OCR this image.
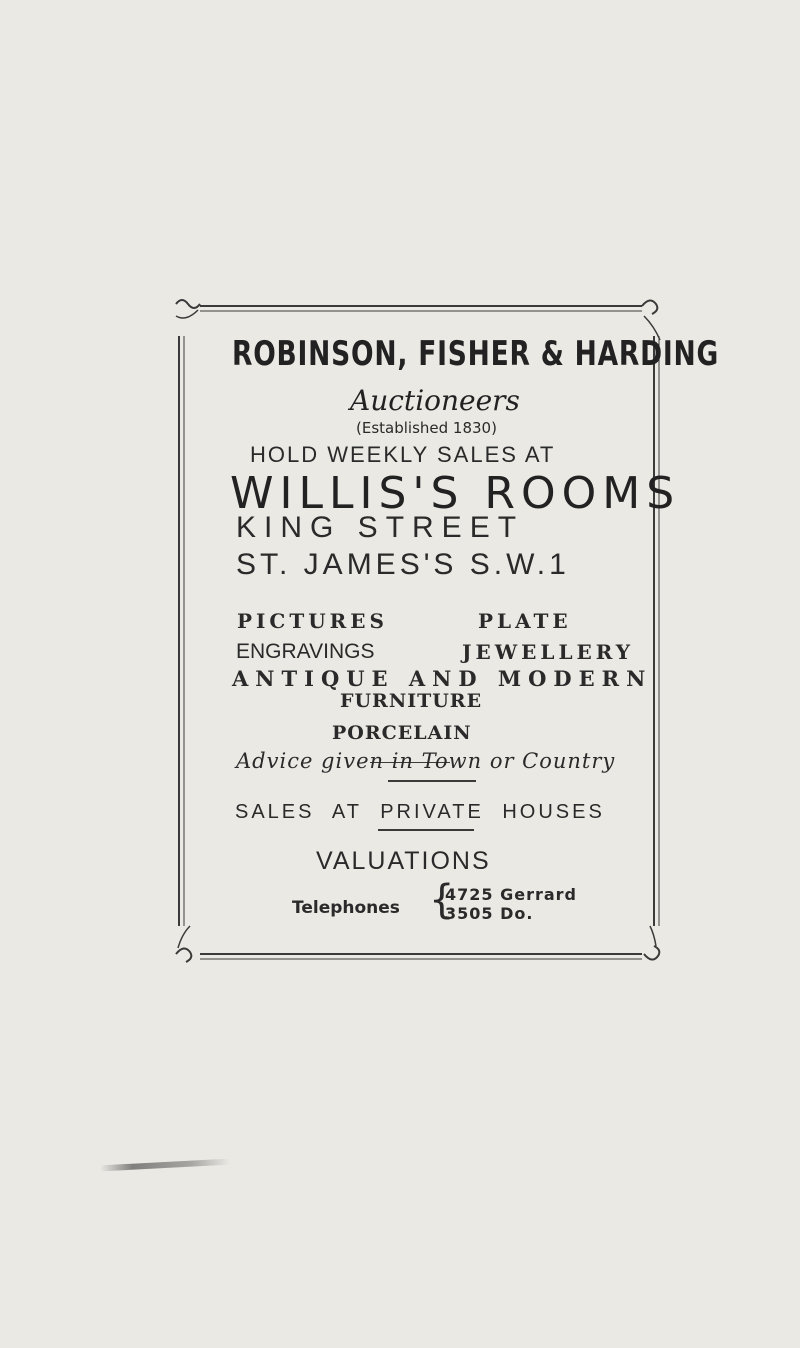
ROBINSON, FISHER & HARDING
Auctioneers
(Established 1830)
HOLD WEEKLY SALES AT
WILLIS'S ROOMS
KING STREET
ST. JAMES'S S.W.1
PICTURES	PLATE
ENGRAVINGS	JEWELLERY
ANTIQUE AND MODERN
FURNITURE
PORCELAIN
Advice given in Town or Country
SALES AT PRIVATE HOUSES
VALUATIONS
Telephones {
4725 Gerrard
3505 Do.
